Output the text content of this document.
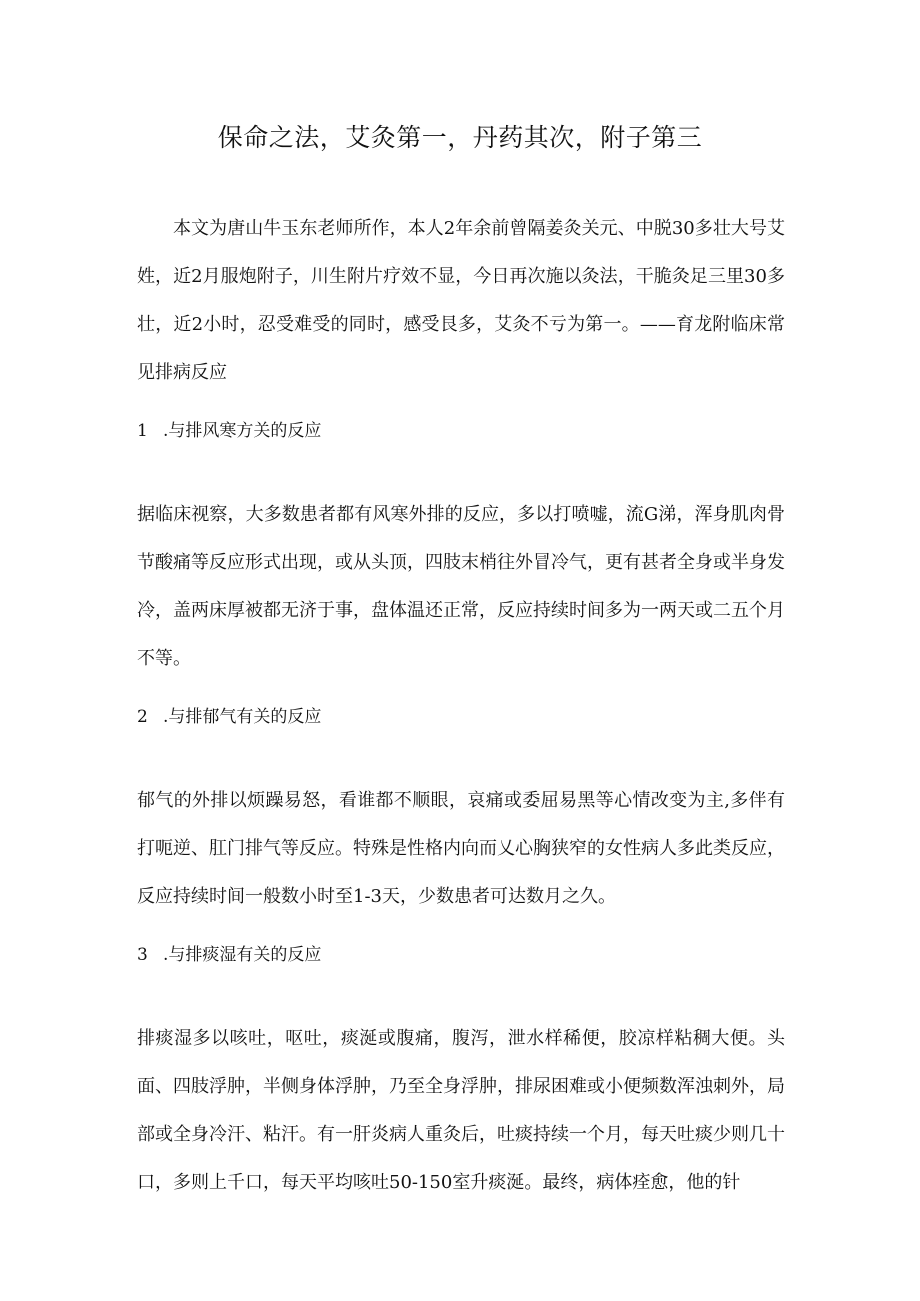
保命之法，艾灸第一，丹药其次，附子第三

本文为唐山牛玉东老师所作，本人2年余前曾隔姜灸关元、中脱30多壮大号艾姓，近2月服炮附子，川生附片疗效不显，今日再次施以灸法，干脆灸足三里30多壮，近2小时，忍受难受的同时，感受艮多，艾灸不亏为第一。——育龙附临床常见排病反应

1 .与排风寒方关的反应

据临床视察，大多数患者都有风寒外排的反应，多以打喷嘘，流G涕，浑身肌肉骨节酸痛等反应形式出现，或从头顶，四肢末梢往外冒冷气，更有甚者全身或半身发冷，盖两床厚被都无济于事，盘体温还正常，反应持续时间多为一两天或二五个月不等。

2 .与排郁气有关的反应

郁气的外排以烦躁易怒，看谁都不顺眼，哀痛或委屈易黑等心情改变为主,多伴有打呃逆、肛门排气等反应。特殊是性格内向而乂心胸狭窄的女性病人多此类反应，反应持续时间一般数小时至1-3天，少数患者可达数月之久。

3 .与排痰湿有关的反应

排痰湿多以咳吐，呕吐，痰涎或腹痛，腹泻，泄水样稀便，胶凉样粘稠大便。头面、四肢浮肿，半侧身体浮肿，乃至全身浮肿，排尿困难或小便频数浑浊刺外，局部或全身冷汗、粘汗。有一肝炎病人重灸后，吐痰持续一个月，每天吐痰少则几十口，多则上千口，每天平均咳吐50-150室升痰涎。最终，病体痊愈，他的针
